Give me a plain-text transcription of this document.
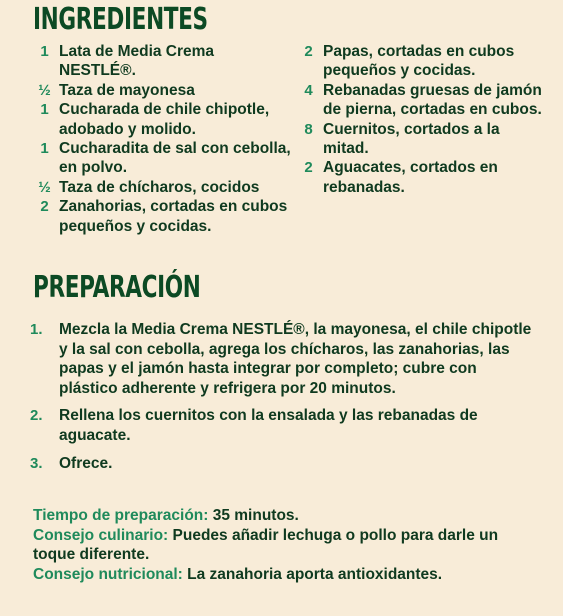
INGREDIENTES
1 Lata de Media Crema NESTLÉ®.
½ Taza de mayonesa
1 Cucharada de chile chipotle, adobado y molido.
1 Cucharadita de sal con cebolla, en polvo.
½ Taza de chícharos, cocidos
2 Zanahorias, cortadas en cubos pequeños y cocidas.
2 Papas, cortadas en cubos pequeños y cocidas.
4 Rebanadas gruesas de jamón de pierna, cortadas en cubos.
8 Cuernitos, cortados a la mitad.
2 Aguacates, cortados en rebanadas.
PREPARACIÓN
1.	Mezcla la Media Crema NESTLÉ®, la mayonesa, el chile chipotle y la sal con cebolla, agrega los chícharos, las zanahorias, las papas y el jamón hasta integrar por completo; cubre con plástico adherente y refrigera por 20 minutos.
2.	Rellena los cuernitos con la ensalada y las rebanadas de aguacate.
3.	Ofrece.

Tiempo de preparación: 35 minutos.

Consejo culinario: Puedes añadir lechuga o pollo para darle un toque diferente.

Consejo nutricional: La zanahoria aporta antioxidantes.
